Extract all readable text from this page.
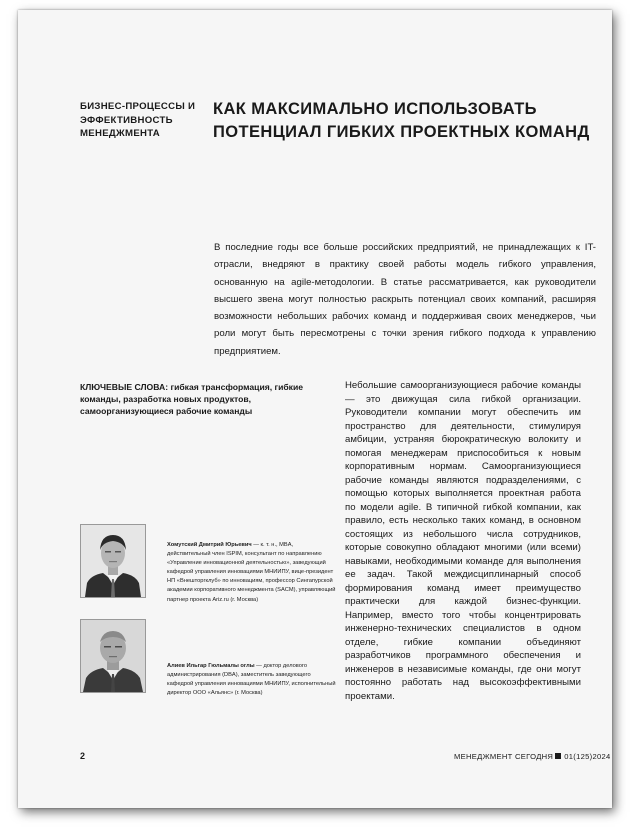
БИЗНЕС-ПРОЦЕССЫ И ЭФФЕКТИВНОСТЬ МЕНЕДЖМЕНТА
КАК МАКСИМАЛЬНО ИСПОЛЬЗОВАТЬ ПОТЕНЦИАЛ ГИБКИХ ПРОЕКТНЫХ КОМАНД
В последние годы все больше российских предприятий, не принадлежащих к IT-отрасли, внедряют в практику своей работы модель гибкого управления, основанную на agile-методологии. В статье рассматривается, как руководители высшего звена могут полностью раскрыть потенциал своих компаний, расширяя возможности небольших рабочих команд и поддерживая своих менеджеров, чьи роли могут быть пересмотрены с точки зрения гибкого подхода к управлению предприятием.
КЛЮЧЕВЫЕ СЛОВА: гибкая трансформация, гибкие команды, разработка новых продуктов, самоорганизующиеся рабочие команды
Хомутский Дмитрий Юрьевич — к. т. н., MBA, действительный член ISPIM, консультант по направлению «Управление инновационной деятельностью», заведующий кафедрой управления инновациями МНИИПУ, вице-президент НП «Внешторгклуб» по инновациям, профессор Сингапурской академии корпоративного менеджмента (SACM), управляющий партнер проекта Ariz.ru (г. Москва)
Алиев Ильгар Гюльмалы оглы — доктор делового администрирования (DBA), заместитель заведующего кафедрой управления инновациями МНИИПУ, исполнительный директор ООО «Альянс» (г. Москва)
Небольшие самоорганизующиеся рабочие команды — это движущая сила гибкой организации. Руководители компании могут обеспечить им пространство для деятельности, стимулируя амбиции, устраняя бюрократическую волокиту и помогая менеджерам приспособиться к новым корпоративным нормам. Самоорганизующиеся рабочие команды являются подразделениями, с помощью которых выполняется проектная работа по модели agile. В типичной гибкой компании, как правило, есть несколько таких команд, в основном состоящих из небольшого числа сотрудников, которые совокупно обладают многими (или всеми) навыками, необходимыми команде для выполнения ее задач. Такой междисциплинарный способ формирования команд имеет преимущество практически для каждой бизнес-функции. Например, вместо того чтобы концентрировать инженерно-технических специалистов в одном отделе, гибкие компании объединяют разработчиков программного обеспечения и инженеров в независимые команды, где они могут постоянно работать над высокоэффективными проектами.
2	МЕНЕДЖМЕНТ СЕГОДНЯ 01(125)2024
